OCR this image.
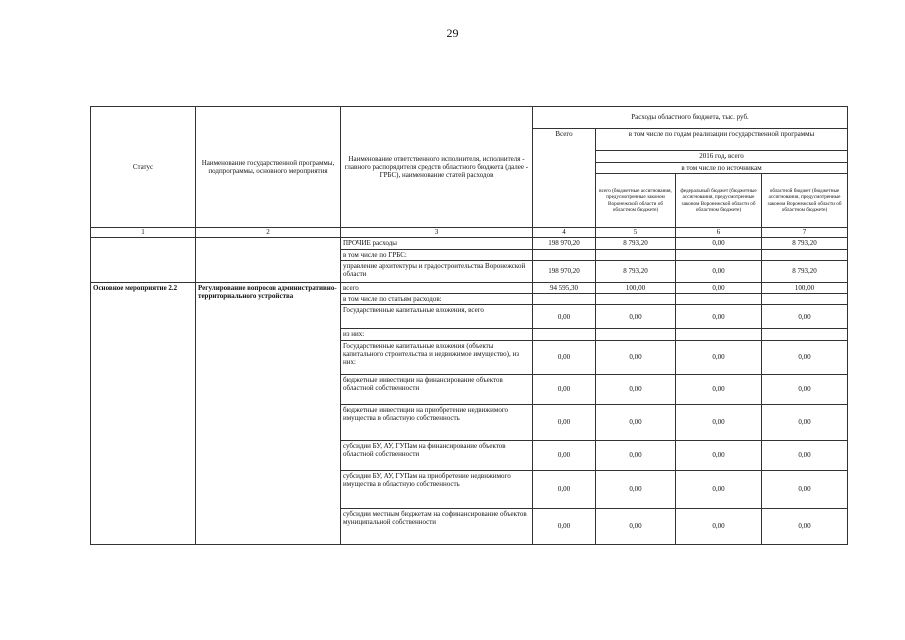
29
Статус	Наименование государственной программы, подпрограммы, основного мероприятия	Наименование ответственного исполнителя, исполнителя - главного распорядителя средств областного бюджета (далее - ГРБС), наименование статей расходов	Расходы областного бюджета, тыс. руб.			
			Всего	в том числе по годам реализации государственной программы		
				2016 год, всего		
				в том числе по источникам		
				всего (бюджетные ассигнования, предусмотренные законом Воронежской области об областном бюджете)	федеральный бюджет (бюджетные ассигнования, предусмотренные законом Воронежской области об областном бюджете)	областной бюджет (бюджетные ассигнования, предусмотренные законом Воронежской области об областном бюджете)
1	2	3	4	5	6	7
		ПРОЧИЕ расходы	198 970,20	8 793,20	0,00	8 793,20
		в том числе по ГРБС:				
		управление архитектуры и градостроительства Воронежской области	198 970,20	8 793,20	0,00	8 793,20
Основное мероприятие 2.2	Регулирование вопросов административно-территориального устройства	всего	94 595,30	100,00	0,00	100,00
		в том числе по статьям расходов:				
		Государственные капитальные вложения, всего	0,00	0,00	0,00	0,00
		из них:				
		Государственные капитальные вложения (объекты капитального строительства и недвижимое имущество), из них:	0,00	0,00	0,00	0,00
		бюджетные инвестиции на финансирование объектов областной собственности	0,00	0,00	0,00	0,00
		бюджетные инвестиции на приобретение недвижимого имущества в областную собственность	0,00	0,00	0,00	0,00
		субсидии БУ, АУ, ГУПам на финансирование объектов областной собственности	0,00	0,00	0,00	0,00
		субсидии БУ, АУ, ГУПам на приобретение недвижимого имущества в областную собственность	0,00	0,00	0,00	0,00
		субсидии местным бюджетам на софинансирование объектов муниципальной собственности	0,00	0,00	0,00	0,00
